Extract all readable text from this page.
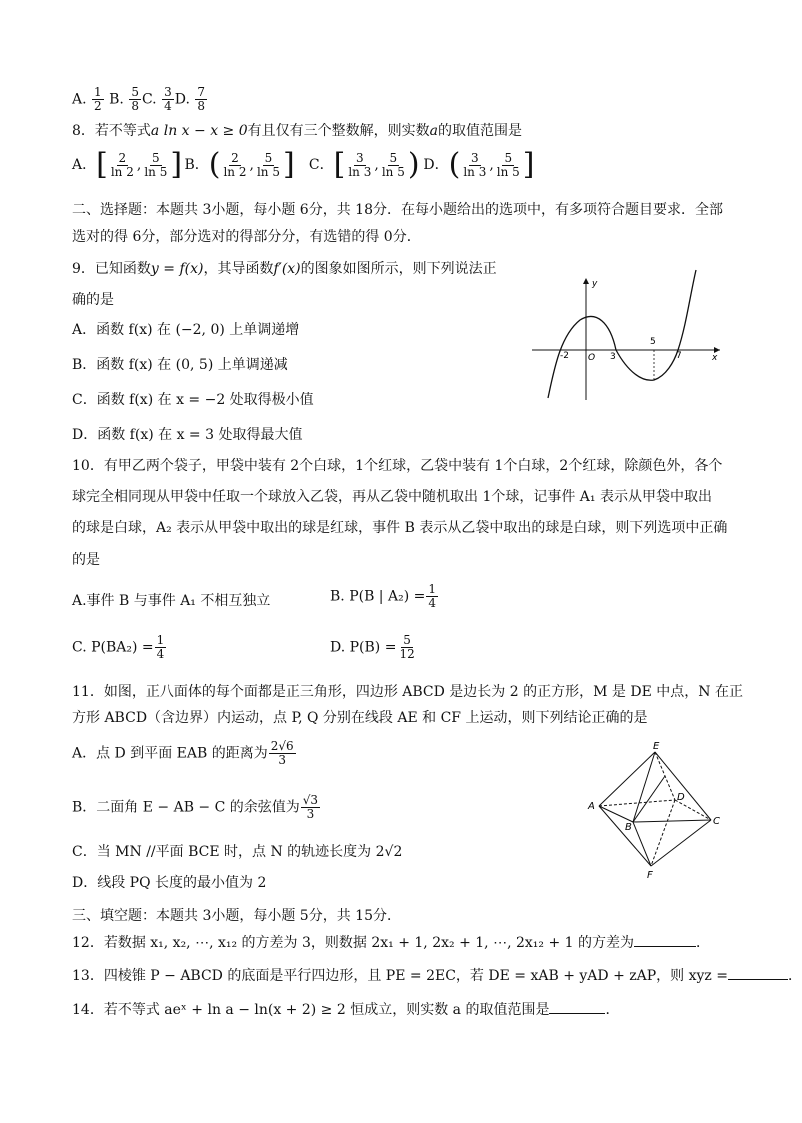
A. $\frac{1}{2} B$. $\frac{5}{8} C$. $\frac{3}{4} D$. $\frac{7}{8}$
8．若不等式a ln x − x ≥ 0有且仅有三个整数解，则实数a的取值范围是
A． [ $\frac{2}{\ln 2}$ , $\frac{5}{\ln 5}$ ] B． ( $\frac{2}{\ln 2}$ , $\frac{5}{\ln 5}$ ] C． [ $\frac{3}{\ln 3}$ , $\frac{5}{\ln 5}$ ) D． ( $\frac{3}{\ln 3}$ , $\frac{5}{\ln 5}$ ]
二、选择题：本题共 3小题，每小题 6分，共 18分．在每小题给出的选项中，有多项符合题目要求．全部
选对的得 6分，部分选对的得部分分，有选错的得 0分．
9．已知函数y = f(x)，其导函数f′(x)的图象如图所示，则下列说法正
确的是
A．函数 f(x) 在 (−2, 0) 上单调递增
B．函数 f(x) 在 (0, 5) 上单调递减
C．函数 f(x) 在 x = −2 处取得极小值
D．函数 f(x) 在 x = 3 处取得最大值
y
x
O
-2	3
5
7
10．有甲乙两个袋子，甲袋中装有 2个白球，1个红球，乙袋中装有 1个白球，2个红球，除颜色外，各个
球完全相同现从甲袋中任取一个球放入乙袋，再从乙袋中随机取出 1个球，记事件 A₁ 表示从甲袋中取出
的球是白球，A₂ 表示从甲袋中取出的球是红球，事件 B 表示从乙袋中取出的球是白球，则下列选项中正确
的是
A.事件 B 与事件 A₁ 不相互独立	B. P(B | $A_2) = \frac{1}{4}$
C. $P(BA_2) = \frac{1}{4}$	D. $P(B) = \frac{5}{12}$
11．如图，正八面体的每个面都是正三角形，四边形 ABCD 是边长为 2 的正方形，M 是 DE 中点，N 在正
方形 ABCD（含边界）内运动，点 P, Q 分别在线段 AE 和 CF 上运动，则下列结论正确的是
A．点 D 到平面 EAB 的距离为 $\frac{2√6}{3}$
B．二面角 E − AB − C 的余弦值为 $\frac{√3}{3}$
C．当 MN //平面 BCE 时，点 N 的轨迹长度为 2√2
D．线段 PQ 长度的最小值为 2
E
A
D
B
C
F
三、填空题：本题共 3小题，每小题 5分，共 15分．
12．若数据 x₁, x₂, ⋯, x₁₂ 的方差为 3，则数据 2x₁ + 1, 2x₂ + 1, ⋯, 2x₁₂ + 1 的方差为	．
13．四棱锥 P − ABCD 的底面是平行四边形，且 PE = 2EC，若 DE = xAB + yAD + zAP，则 xyz =	．
14．若不等式 aeˣ + ln a − ln(x + 2) ≥ 2 恒成立，则实数 a 的取值范围是	．
